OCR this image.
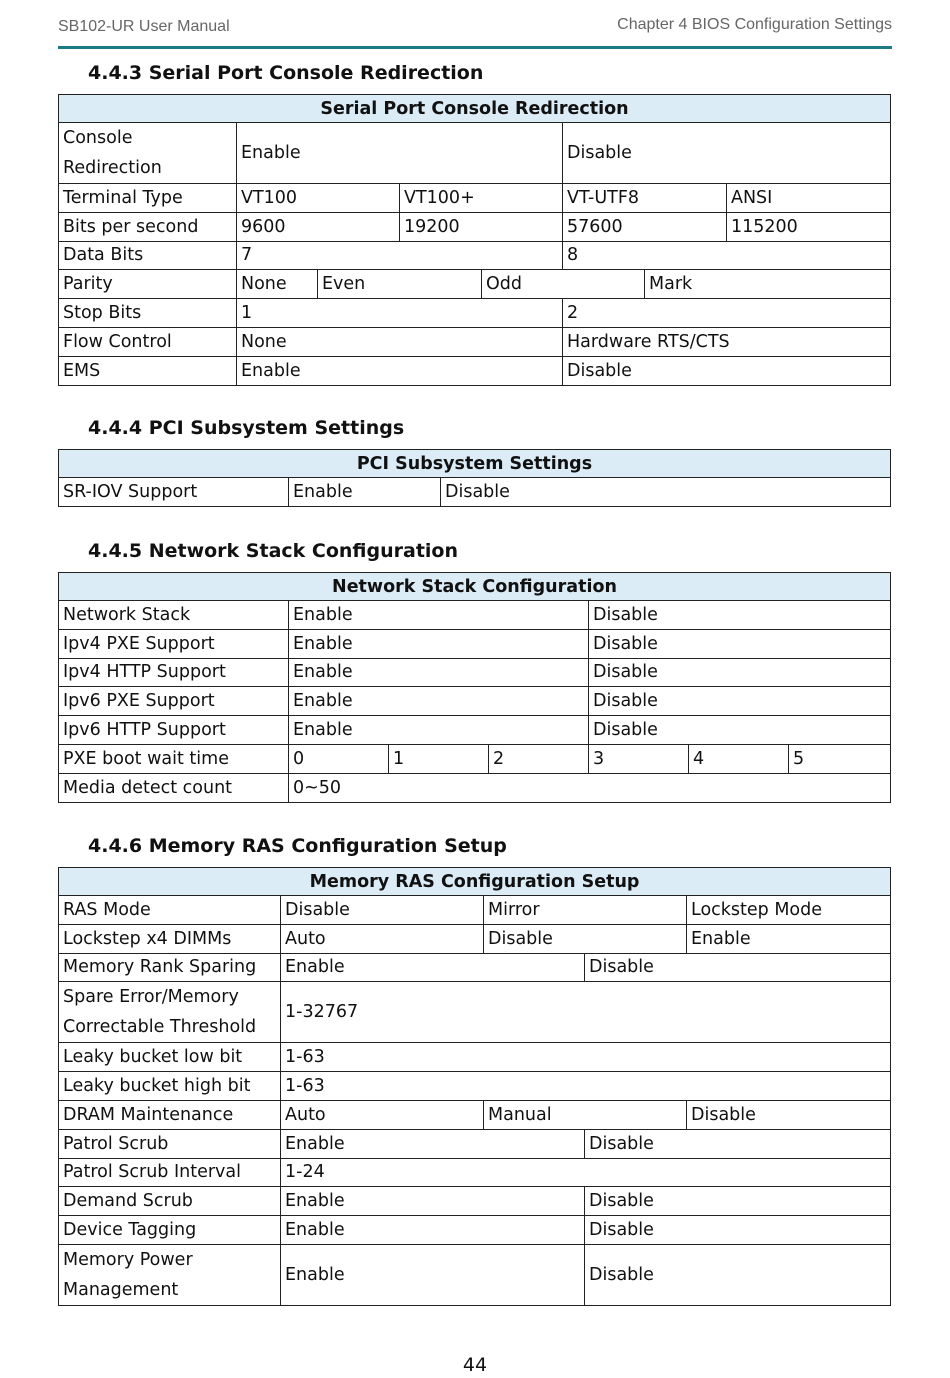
SB102-UR User Manual	Chapter 4 BIOS Configuration Settings
4.4.3 Serial Port Console Redirection
Serial Port Console Redirection								
Console Redirection	Enable				Disable			
Terminal Type	VT100		VT100+		VT-UTF8		ANSI	
Bits per second	9600		19200		57600		115200	
Data Bits	7				8			
Parity	None	Even		Odd		Mark	
Stop Bits	1				2			
Flow Control	None				Hardware RTS/CTS			
EMS	Enable				Disable			
4.4.4 PCI Subsystem Settings
PCI Subsystem Settings
SR-IOV Support	Enable	Disable
4.4.5 Network Stack Configuration
Network Stack Configuration						
Network Stack	Enable			Disable		
Ipv4 PXE Support	Enable			Disable		
Ipv4 HTTP Support	Enable			Disable		
Ipv6 PXE Support	Enable			Disable		
Ipv6 HTTP Support	Enable			Disable		
PXE boot wait time	0	1	2	3	4	5
Media detect count	0~50					
4.4.6 Memory RAS Configuration Setup
Memory RAS Configuration Setup				
RAS Mode	Disable	Mirror		Lockstep Mode
Lockstep x4 DIMMs	Auto	Disable		Enable
Memory Rank Sparing	Enable		Disable	
Spare Error/Memory Correctable Threshold	1-32767			
Leaky bucket low bit	1-63			
Leaky bucket high bit	1-63			
DRAM Maintenance	Auto	Manual		Disable
Patrol Scrub	Enable		Disable	
Patrol Scrub Interval	1-24			
Demand Scrub	Enable		Disable	
Device Tagging	Enable		Disable	
Memory Power Management	Enable		Disable	
44
